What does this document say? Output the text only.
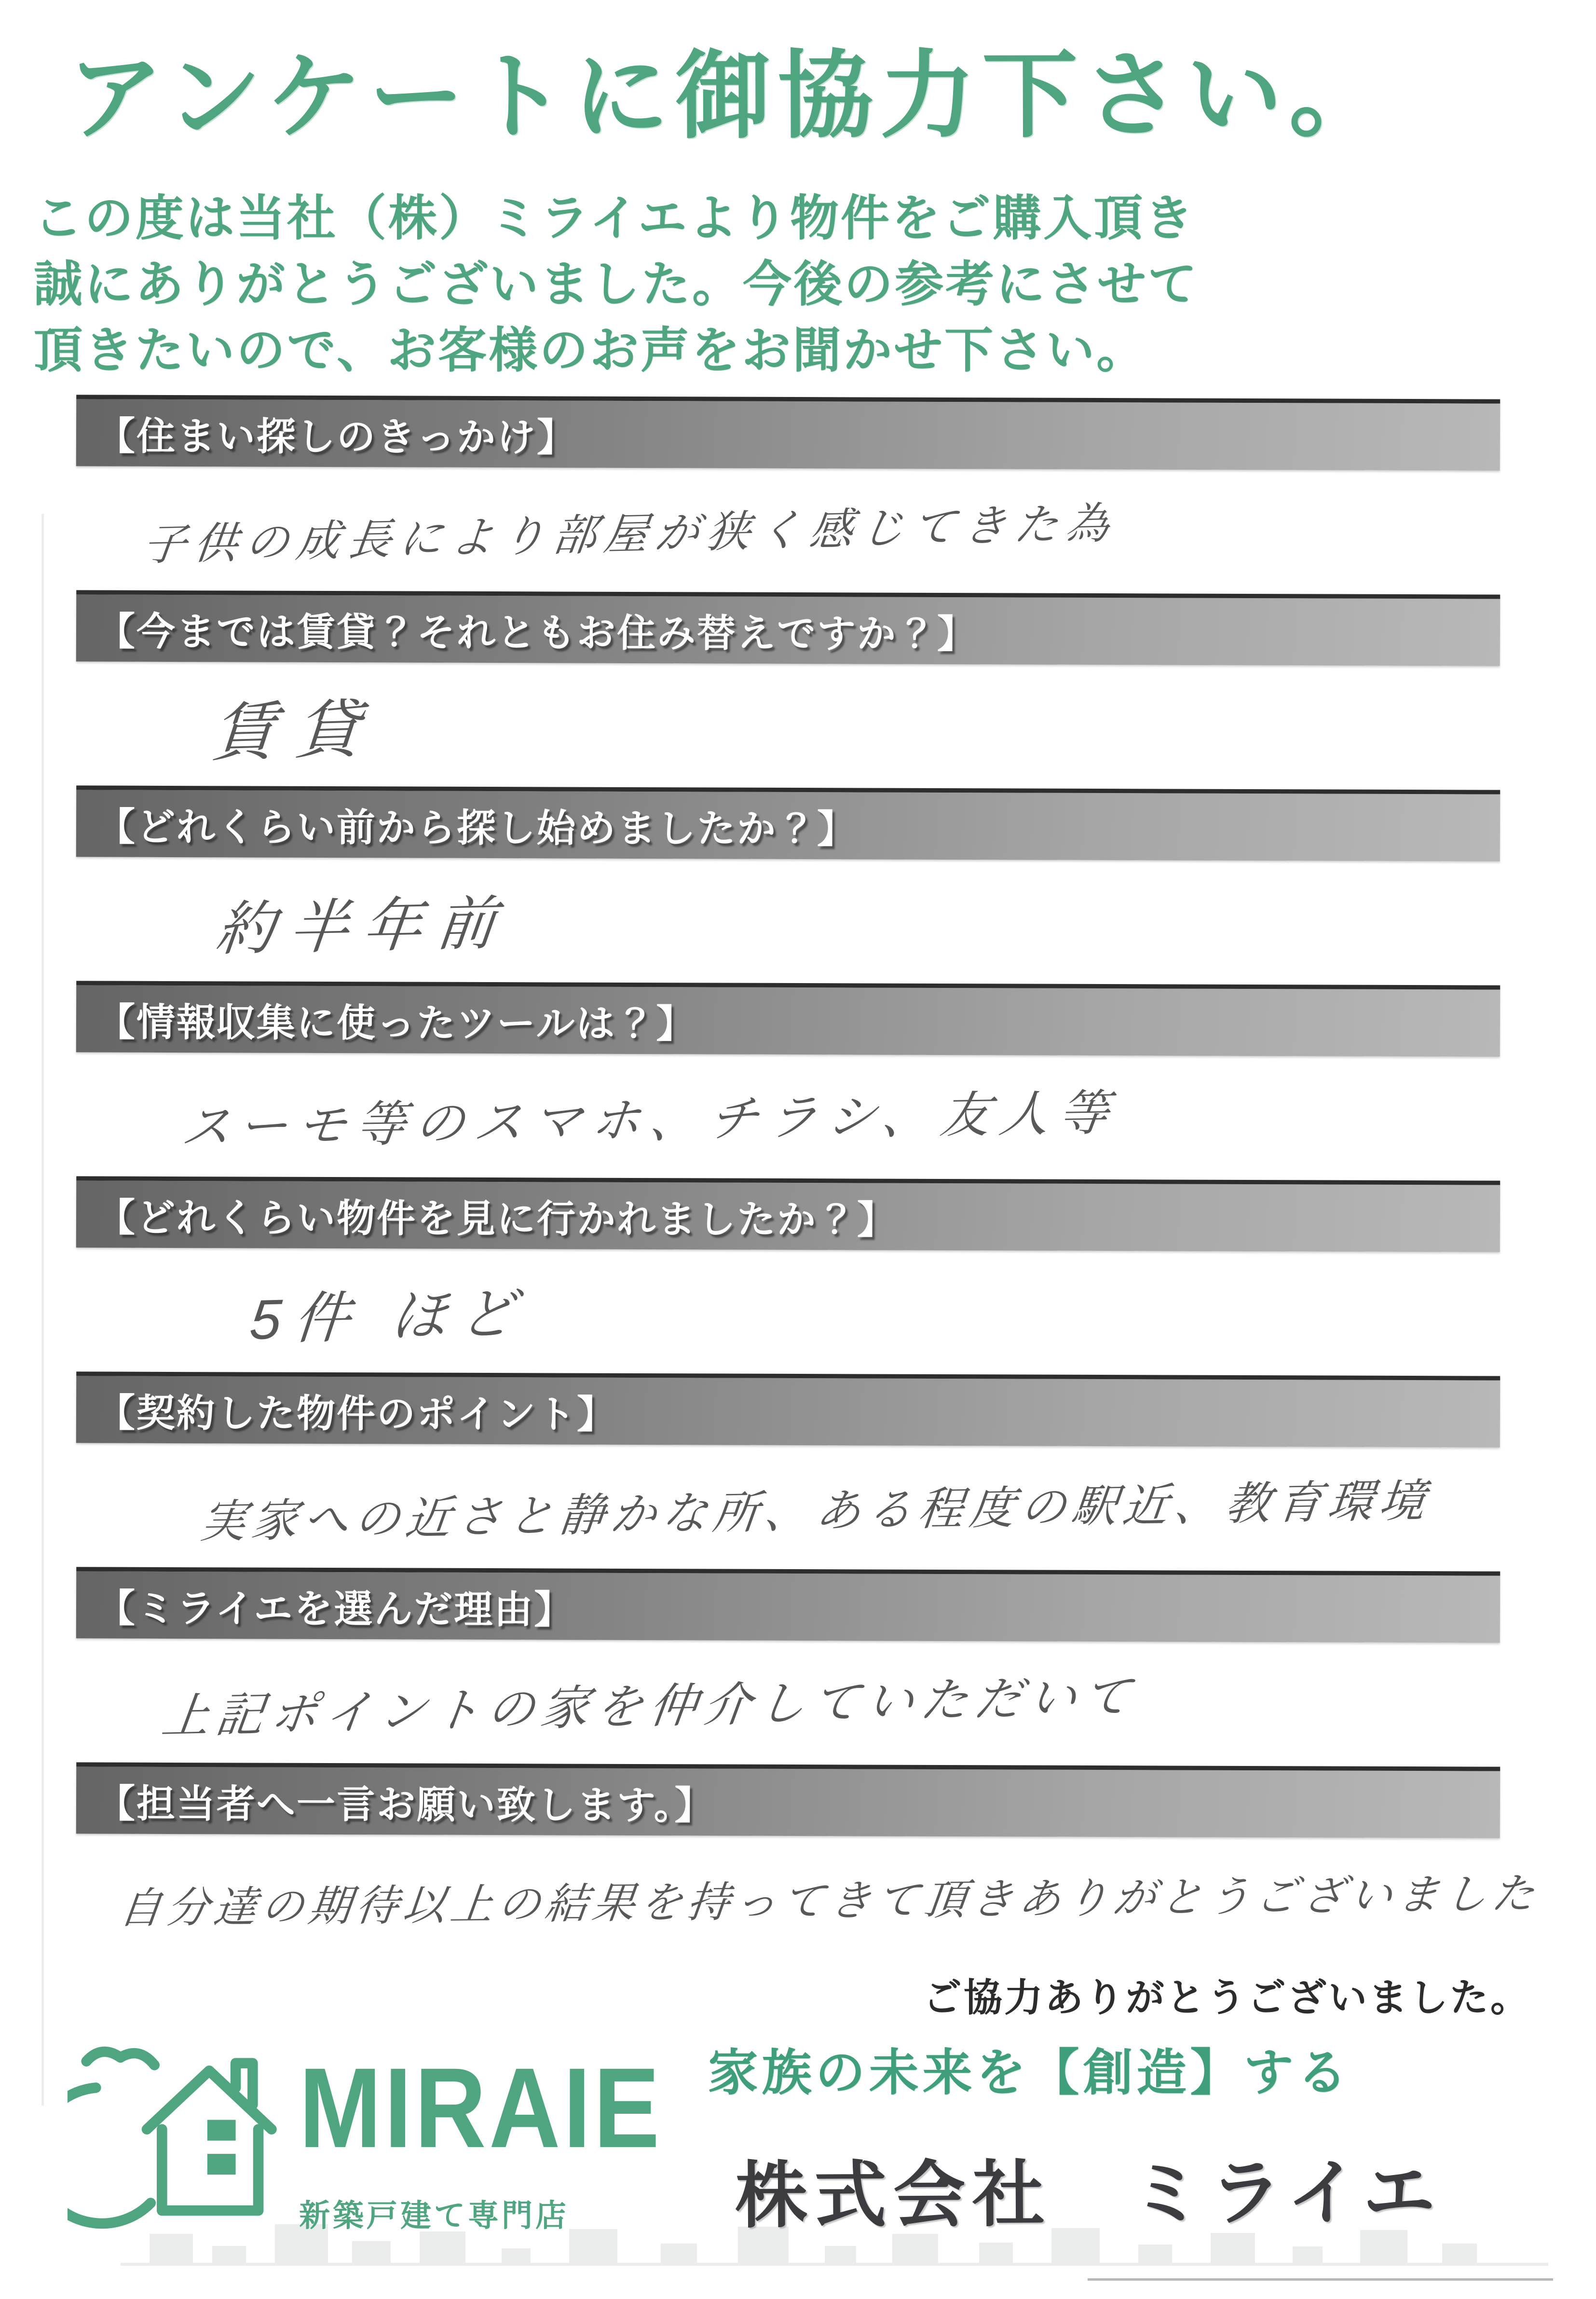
アンケートに御協力下さい。
この度は当社（株）ミライエより物件をご購入頂き
誠にありがとうございました。今後の参考にさせて
頂きたいので、お客様のお声をお聞かせ下さい。
【住まい探しのきっかけ】
子供の成長により部屋が狭く感じてきた為
【今までは賃貸？それともお住み替えですか？】
賃貸
【どれくらい前から探し始めましたか？】
約半年前
【情報収集に使ったツールは？】
スーモ等のスマホ、チラシ、友人等
【どれくらい物件を見に行かれましたか？】
5件 ほど
【契約した物件のポイント】
実家への近さと静かな所、ある程度の駅近、教育環境
【ミライエを選んだ理由】
上記ポイントの家を仲介していただいて
【担当者へ一言お願い致します。】
自分達の期待以上の結果を持ってきて頂きありがとうございました
ご協力ありがとうございました。
MIRAIE
新築戸建て専門店
家族の未来を【創造】する
株式会社　ミライエ
